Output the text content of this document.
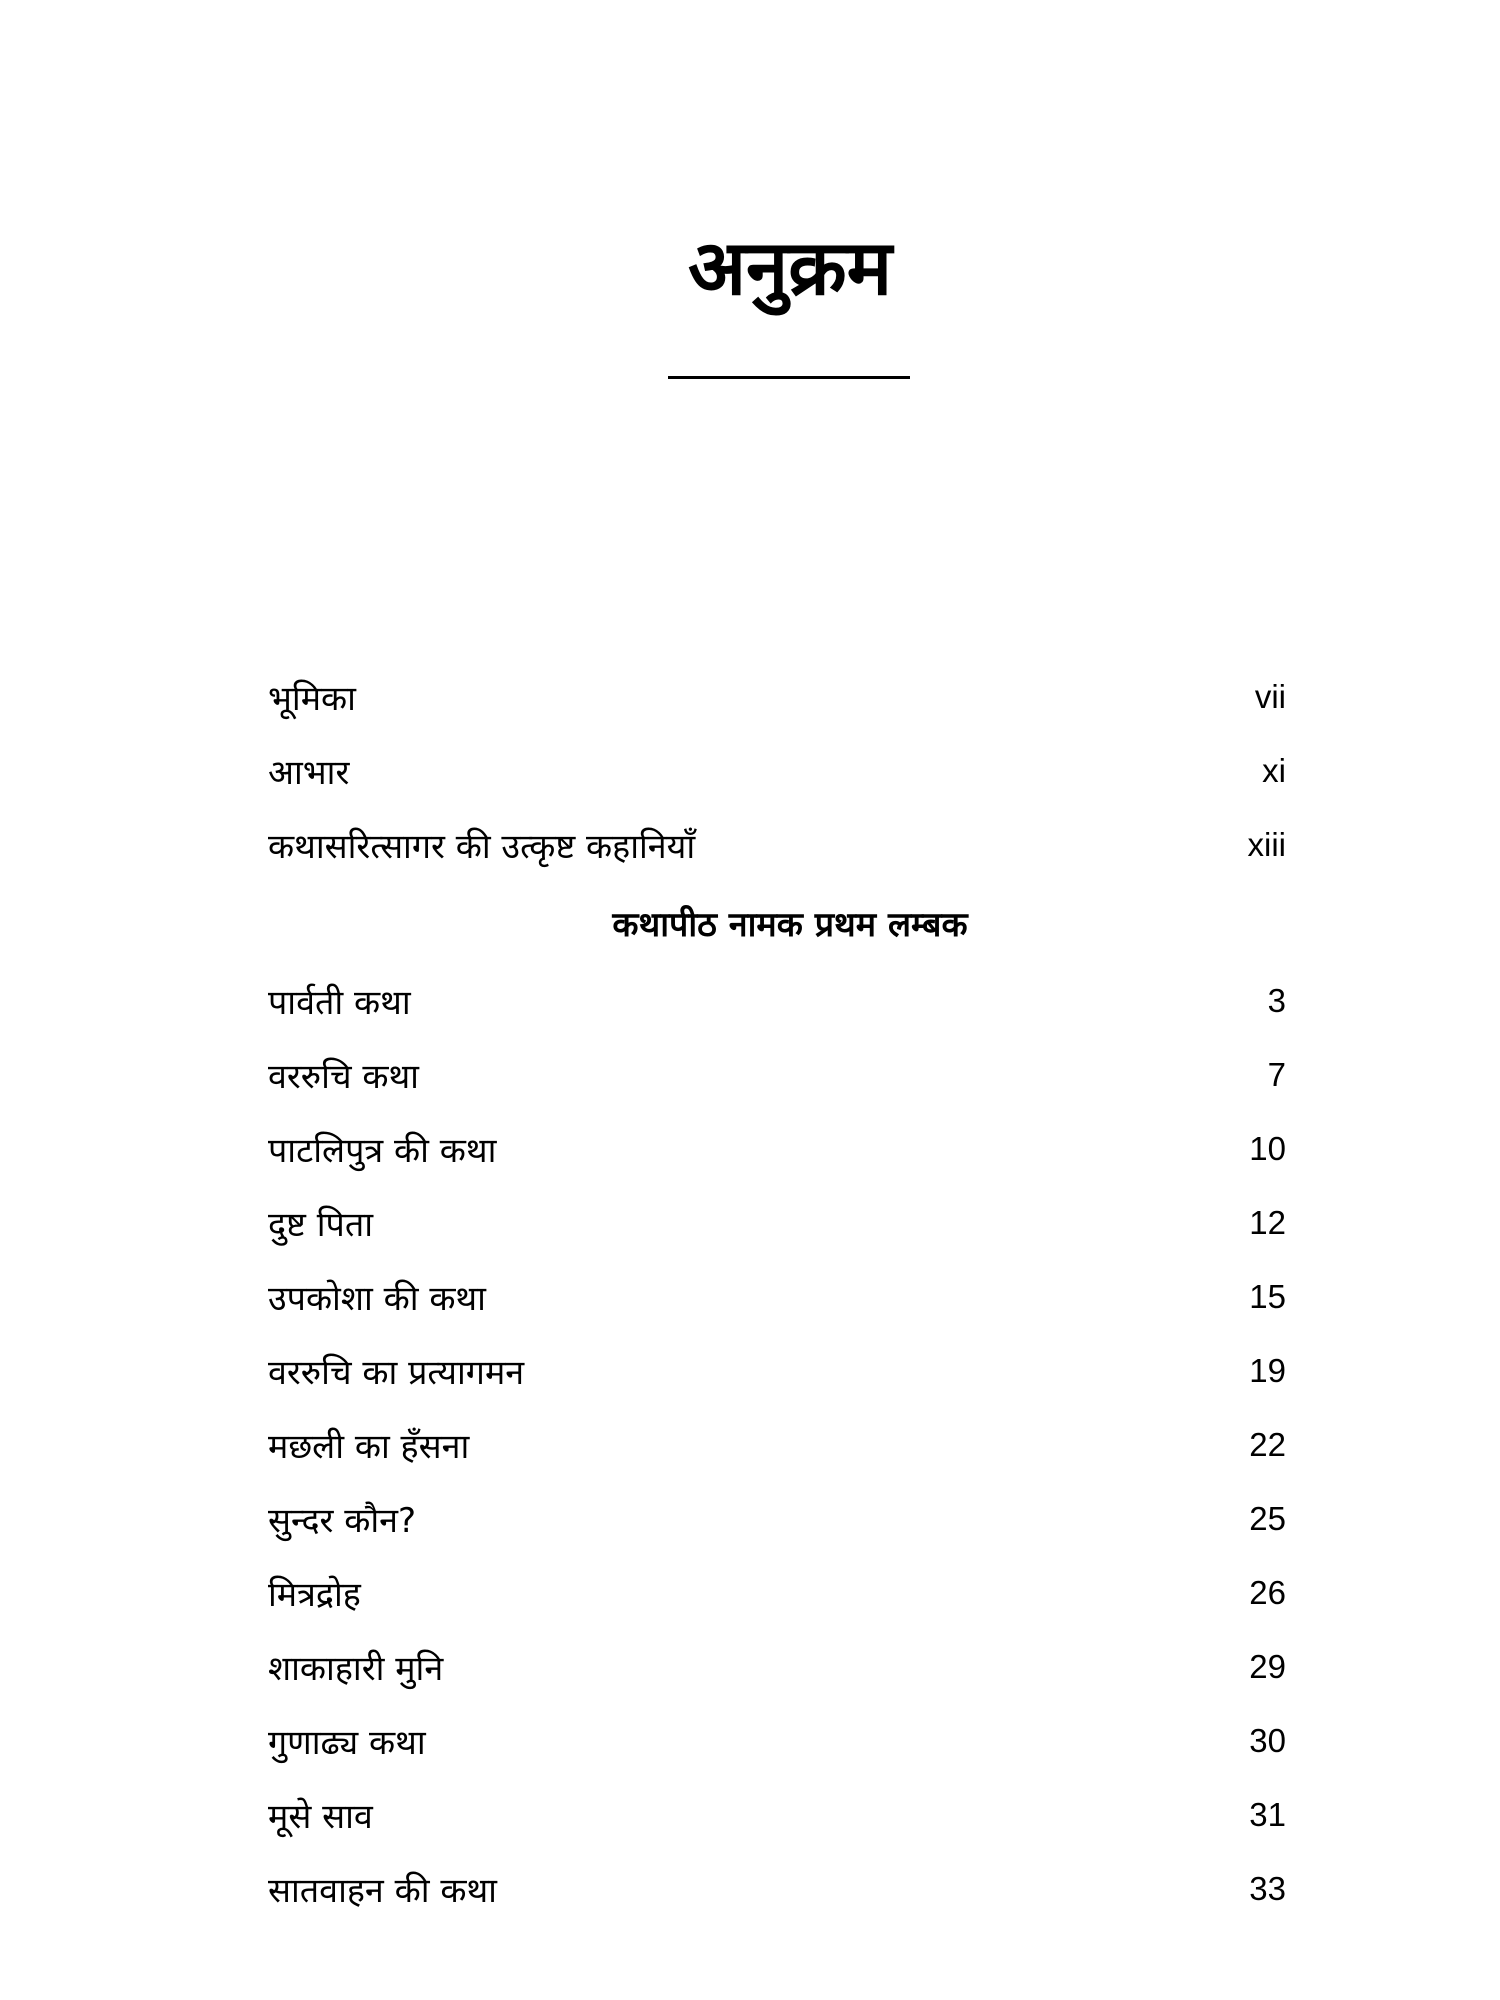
अनुक्रम
भूमिका	vii
आभार	xi
कथासरित्सागर की उत्कृष्ट कहानियाँ	xiii
कथापीठ नामक प्रथम लम्बक
पार्वती कथा	3
वररुचि कथा	7
पाटलिपुत्र की कथा	10
दुष्ट पिता	12
उपकोशा की कथा	15
वररुचि का प्रत्यागमन	19
मछली का हँसना	22
सुन्दर कौन?	25
मित्रद्रोह	26
शाकाहारी मुनि	29
गुणाढ्य कथा	30
मूसे साव	31
सातवाहन की कथा	33
